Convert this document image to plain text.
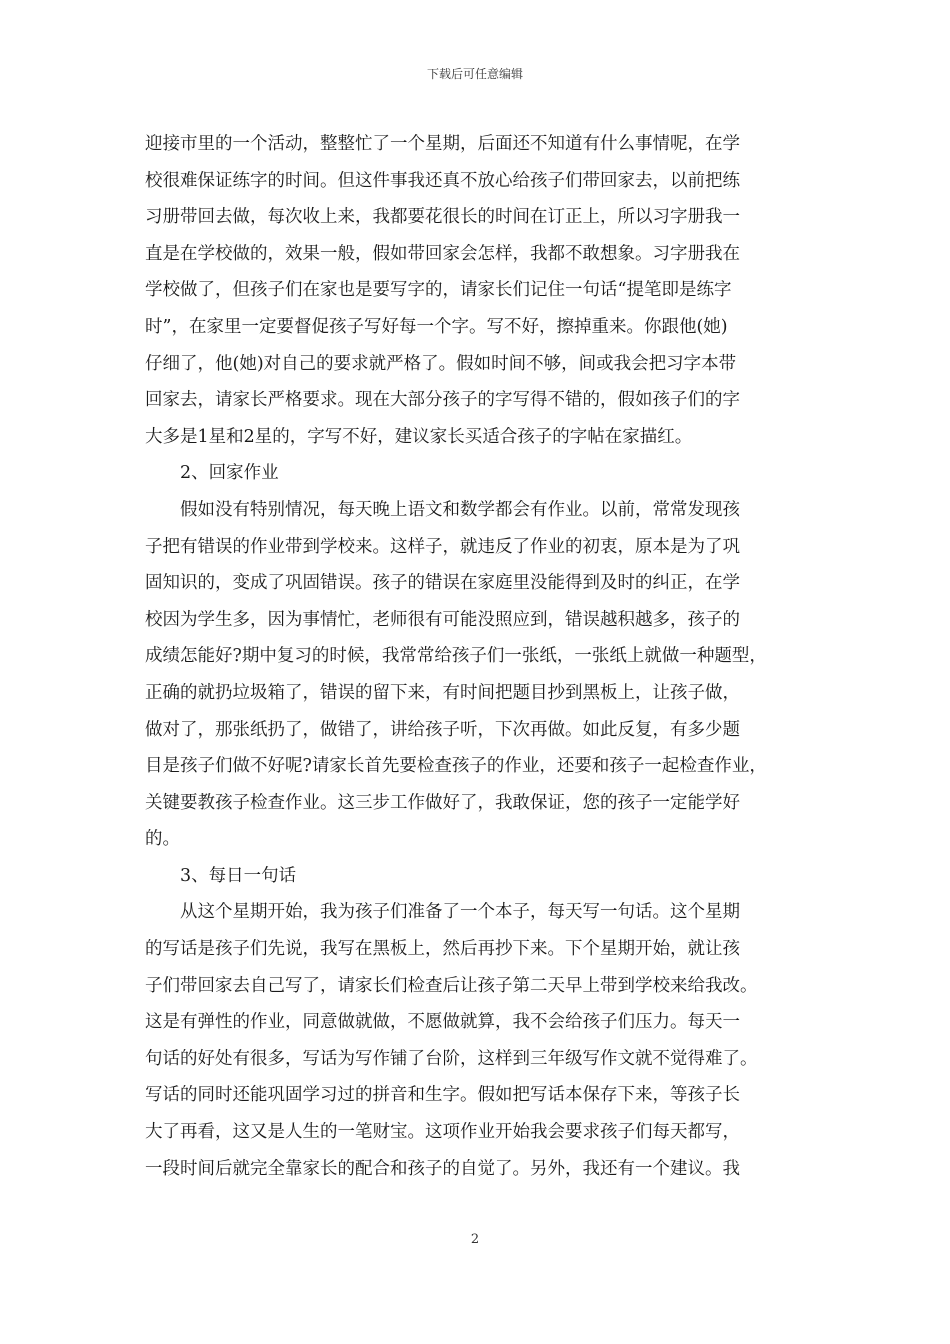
下载后可任意编辑
迎接市里的一个活动，整整忙了一个星期，后面还不知道有什么事情呢，在学
校很难保证练字的时间。但这件事我还真不放心给孩子们带回家去，以前把练
习册带回去做，每次收上来，我都要花很长的时间在订正上，所以习字册我一
直是在学校做的，效果一般，假如带回家会怎样，我都不敢想象。习字册我在
学校做了，但孩子们在家也是要写字的，请家长们记住一句话“提笔即是练字
时”，在家里一定要督促孩子写好每一个字。写不好，擦掉重来。你跟他(她)
仔细了，他(她)对自己的要求就严格了。假如时间不够，间或我会把习字本带
回家去，请家长严格要求。现在大部分孩子的字写得不错的，假如孩子们的字
大多是1星和2星的，字写不好，建议家长买适合孩子的字帖在家描红。
2、回家作业
假如没有特别情况，每天晚上语文和数学都会有作业。以前，常常发现孩
子把有错误的作业带到学校来。这样子，就违反了作业的初衷，原本是为了巩
固知识的，变成了巩固错误。孩子的错误在家庭里没能得到及时的纠正，在学
校因为学生多，因为事情忙，老师很有可能没照应到，错误越积越多，孩子的
成绩怎能好?期中复习的时候，我常常给孩子们一张纸，一张纸上就做一种题型，
正确的就扔垃圾箱了，错误的留下来，有时间把题目抄到黑板上，让孩子做，
做对了，那张纸扔了，做错了，讲给孩子听，下次再做。如此反复，有多少题
目是孩子们做不好呢?请家长首先要检查孩子的作业，还要和孩子一起检查作业，
关键要教孩子检查作业。这三步工作做好了，我敢保证，您的孩子一定能学好
的。
3、每日一句话
从这个星期开始，我为孩子们准备了一个本子，每天写一句话。这个星期
的写话是孩子们先说，我写在黑板上，然后再抄下来。下个星期开始，就让孩
子们带回家去自己写了，请家长们检查后让孩子第二天早上带到学校来给我改。
这是有弹性的作业，同意做就做，不愿做就算，我不会给孩子们压力。每天一
句话的好处有很多，写话为写作铺了台阶，这样到三年级写作文就不觉得难了。
写话的同时还能巩固学习过的拼音和生字。假如把写话本保存下来，等孩子长
大了再看，这又是人生的一笔财宝。这项作业开始我会要求孩子们每天都写，
一段时间后就完全靠家长的配合和孩子的自觉了。另外，我还有一个建议。我
2
